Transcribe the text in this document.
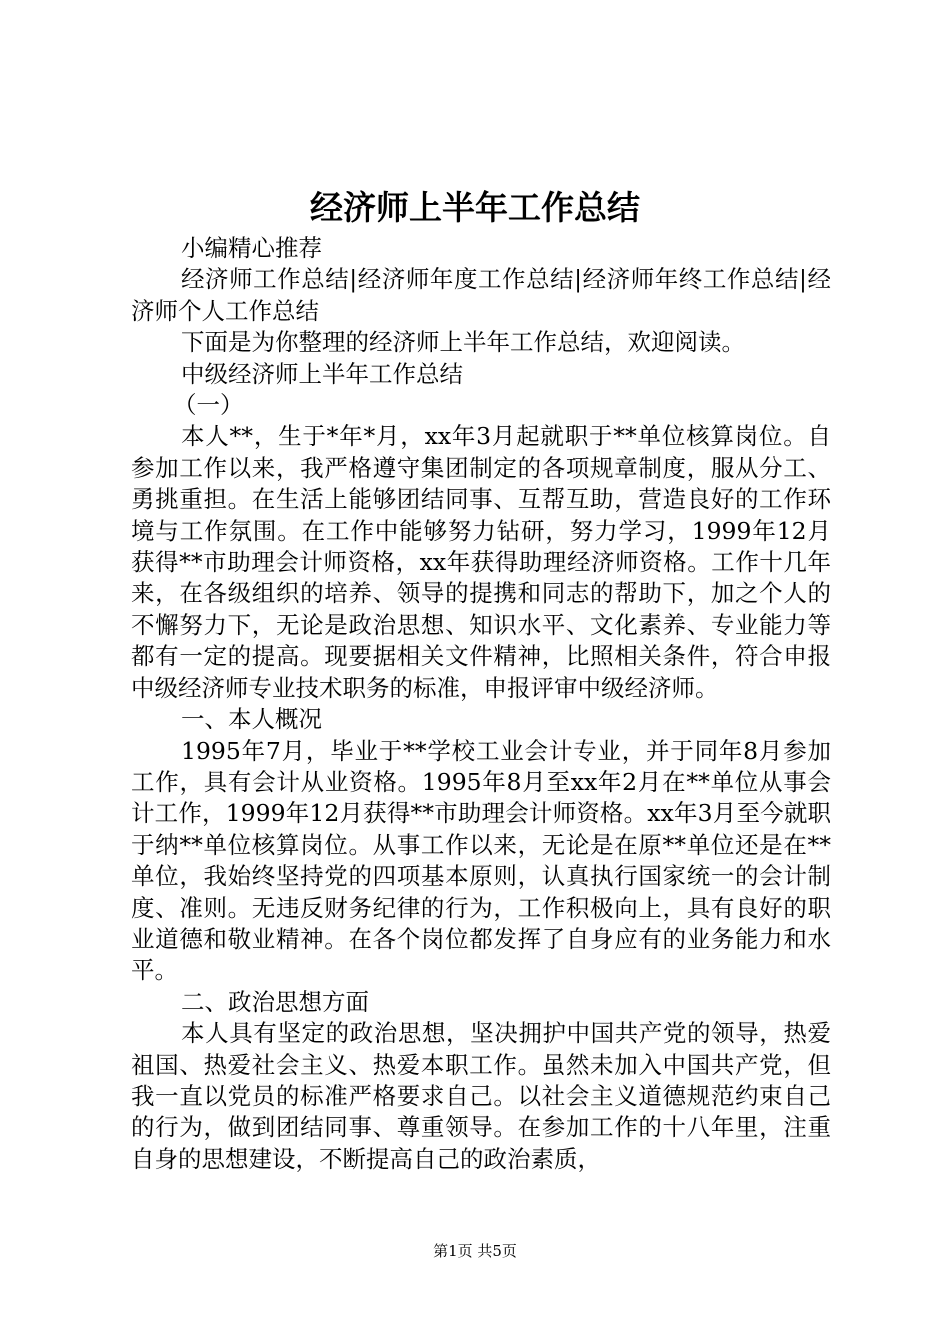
经济师上半年工作总结

小编精心推荐

经济师工作总结|经济师年度工作总结|经济师年终工作总结|经济师个人工作总结

下面是为你整理的经济师上半年工作总结，欢迎阅读。

中级经济师上半年工作总结

（一）

本人**，生于*年*月，xx年3月起就职于**单位核算岗位。自参加工作以来，我严格遵守集团制定的各项规章制度，服从分工、勇挑重担。在生活上能够团结同事、互帮互助，营造良好的工作环境与工作氛围。在工作中能够努力钻研，努力学习，1999年12月获得**市助理会计师资格，xx年获得助理经济师资格。工作十几年来，在各级组织的培养、领导的提携和同志的帮助下，加之个人的不懈努力下，无论是政治思想、知识水平、文化素养、专业能力等都有一定的提高。现要据相关文件精神，比照相关条件，符合申报中级经济师专业技术职务的标准，申报评审中级经济师。

一、本人概况

1995年7月，毕业于**学校工业会计专业，并于同年8月参加工作，具有会计从业资格。1995年8月至xx年2月在**单位从事会计工作，1999年12月获得**市助理会计师资格。xx年3月至今就职于纳**单位核算岗位。从事工作以来，无论是在原**单位还是在**单位，我始终坚持党的四项基本原则，认真执行国家统一的会计制度、准则。无违反财务纪律的行为，工作积极向上，具有良好的职业道德和敬业精神。在各个岗位都发挥了自身应有的业务能力和水平。

二、政治思想方面

本人具有坚定的政治思想，坚决拥护中国共产党的领导，热爱祖国、热爱社会主义、热爱本职工作。虽然未加入中国共产党，但我一直以党员的标准严格要求自己。以社会主义道德规范约束自己的行为，做到团结同事、尊重领导。在参加工作的十八年里，注重自身的思想建设，不断提高自己的政治素质，

第1页 共5页
